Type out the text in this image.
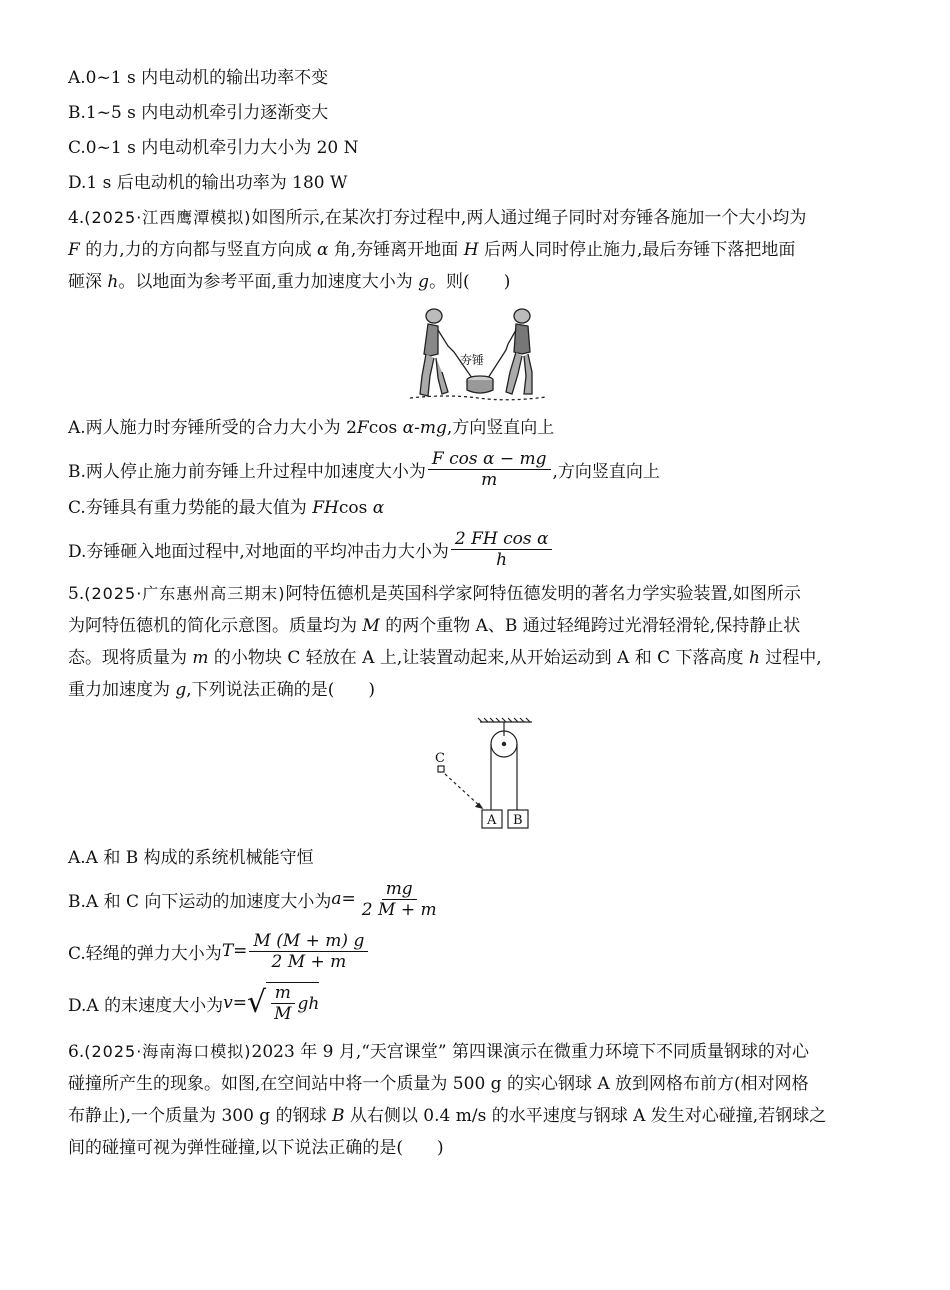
A.0~1 s 内电动机的输出功率不变
B.1~5 s 内电动机牵引力逐渐变大
C.0~1 s 内电动机牵引力大小为 20 N
D.1 s 后电动机的输出功率为 180 W
4.(2025·江西鹰潭模拟)如图所示,在某次打夯过程中,两人通过绳子同时对夯锤各施加一个大小均为
F 的力,力的方向都与竖直方向成 α 角,夯锤离开地面 H 后两人同时停止施力,最后夯锤下落把地面
砸深 h。以地面为参考平面,重力加速度大小为 g。则(　　)
夯锤
A.两人施力时夯锤所受的合力大小为 2Fcos α-mg,方向竖直向上
B.两人停止施力前夯锤上升过程中加速度大小为 $\frac{\text{F cos α − mg}}{m}$ ,方向竖直向上
C.夯锤具有重力势能的最大值为 FHcos α
D.夯锤砸入地面过程中,对地面的平均冲击力大小为 $\frac{\text{2 FH cos α}}{h}$
5.(2025·广东惠州高三期末)阿特伍德机是英国科学家阿特伍德发明的著名力学实验装置,如图所示
为阿特伍德机的简化示意图。质量均为 M 的两个重物 A、B 通过轻绳跨过光滑轻滑轮,保持静止状
态。现将质量为 m 的小物块 C 轻放在 A 上,让装置动起来,从开始运动到 A 和 C 下落高度 h 过程中,
重力加速度为 g,下列说法正确的是(　　)
C
A B
A.A 和 B 构成的系统机械能守恒
B.A 和 C 向下运动的加速度大小为 $a = \frac{mg}{2 M + m}$
C.轻绳的弹力大小为 $T = \frac{M (M + m) g}{2 M + m}$
D.A 的末速度大小为 v = √ $\frac{m}{M}$ gh
6.(2025·海南海口模拟)2023 年 9 月,“天宫课堂” 第四课演示在微重力环境下不同质量钢球的对心
碰撞所产生的现象。如图,在空间站中将一个质量为 500 g 的实心钢球 A 放到网格布前方(相对网格
布静止),一个质量为 300 g 的钢球 B 从右侧以 0.4 m/s 的水平速度与钢球 A 发生对心碰撞,若钢球之
间的碰撞可视为弹性碰撞,以下说法正确的是(　　)
